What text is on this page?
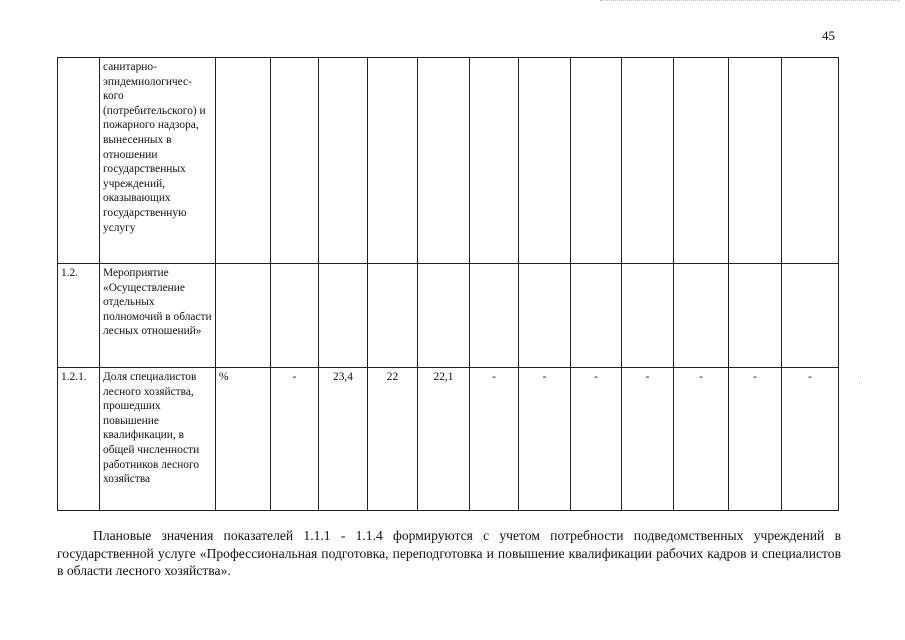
·
45
	санитарно-эпидемиологичес-кого (потребительского) и пожарного надзора, вынесенных в отношении государственных учреждений, оказывающих государственную услугу												
1.2.	Мероприятие «Осуществление отдельных полномочий в области лесных отношений»												
1.2.1.	Доля специалистов лесного хозяйства, прошедших повышение квалификации, в общей численности работников лесного хозяйства	%	-	23,4	22	22,1	-	-	-	-	-	-	-

Плановые значения показателей 1.1.1 - 1.1.4 формируются с учетом потребности подведомственных учреждений в государственной услуге «Профессиональная подготовка, переподготовка и повышение квалификации рабочих кадров и специалистов в области лесного хозяйства».
